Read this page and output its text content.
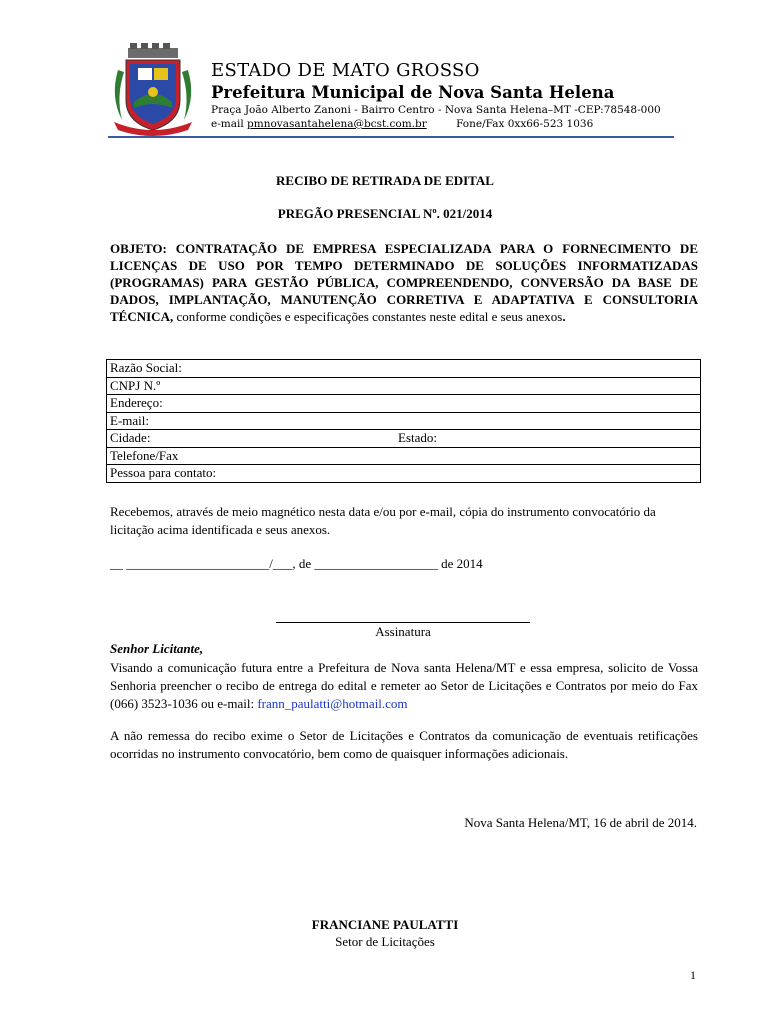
ESTADO DE MATO GROSSO
Prefeitura Municipal de Nova Santa Helena
Praça João Alberto Zanoni - Bairro Centro - Nova Santa Helena–MT -CEP:78548-000
e-mail pmnovasantahelena@bcst.com.br	Fone/Fax 0xx66-523 1036
RECIBO DE RETIRADA DE EDITAL
PREGÃO PRESENCIAL Nº. 021/2014
OBJETO: CONTRATAÇÃO DE EMPRESA ESPECIALIZADA PARA O FORNECIMENTO DE LICENÇAS DE USO POR TEMPO DETERMINADO DE SOLUÇÕES INFORMATIZADAS (PROGRAMAS) PARA GESTÃO PÚBLICA, COMPREENDENDO, CONVERSÃO DA BASE DE DADOS, IMPLANTAÇÃO, MANUTENÇÃO CORRETIVA E ADAPTATIVA E CONSULTORIA TÉCNICA, conforme condições e especificações constantes neste edital e seus anexos.
Razão Social:
CNPJ N.º
Endereço:
E-mail:
Cidade:	Estado:

Telefone/Fax
Pessoa para contato:
Recebemos, através de meio magnético nesta data e/ou por e-mail, cópia do instrumento convocatório da licitação acima identificada e seus anexos.
__ ______________________/___, de ___________________ de 2014
Assinatura
Senhor Licitante,
Visando a comunicação futura entre a Prefeitura de Nova santa Helena/MT e essa empresa, solicito de Vossa Senhoria preencher o recibo de entrega do edital e remeter ao Setor de Licitações e Contratos por meio do Fax (066) 3523-1036 ou e-mail: frann_paulatti@hotmail.com
A não remessa do recibo exime o Setor de Licitações e Contratos da comunicação de eventuais retificações ocorridas no instrumento convocatório, bem como de quaisquer informações adicionais.
Nova Santa Helena/MT, 16 de abril de 2014.
FRANCIANE PAULATTI
Setor de Licitações
1
